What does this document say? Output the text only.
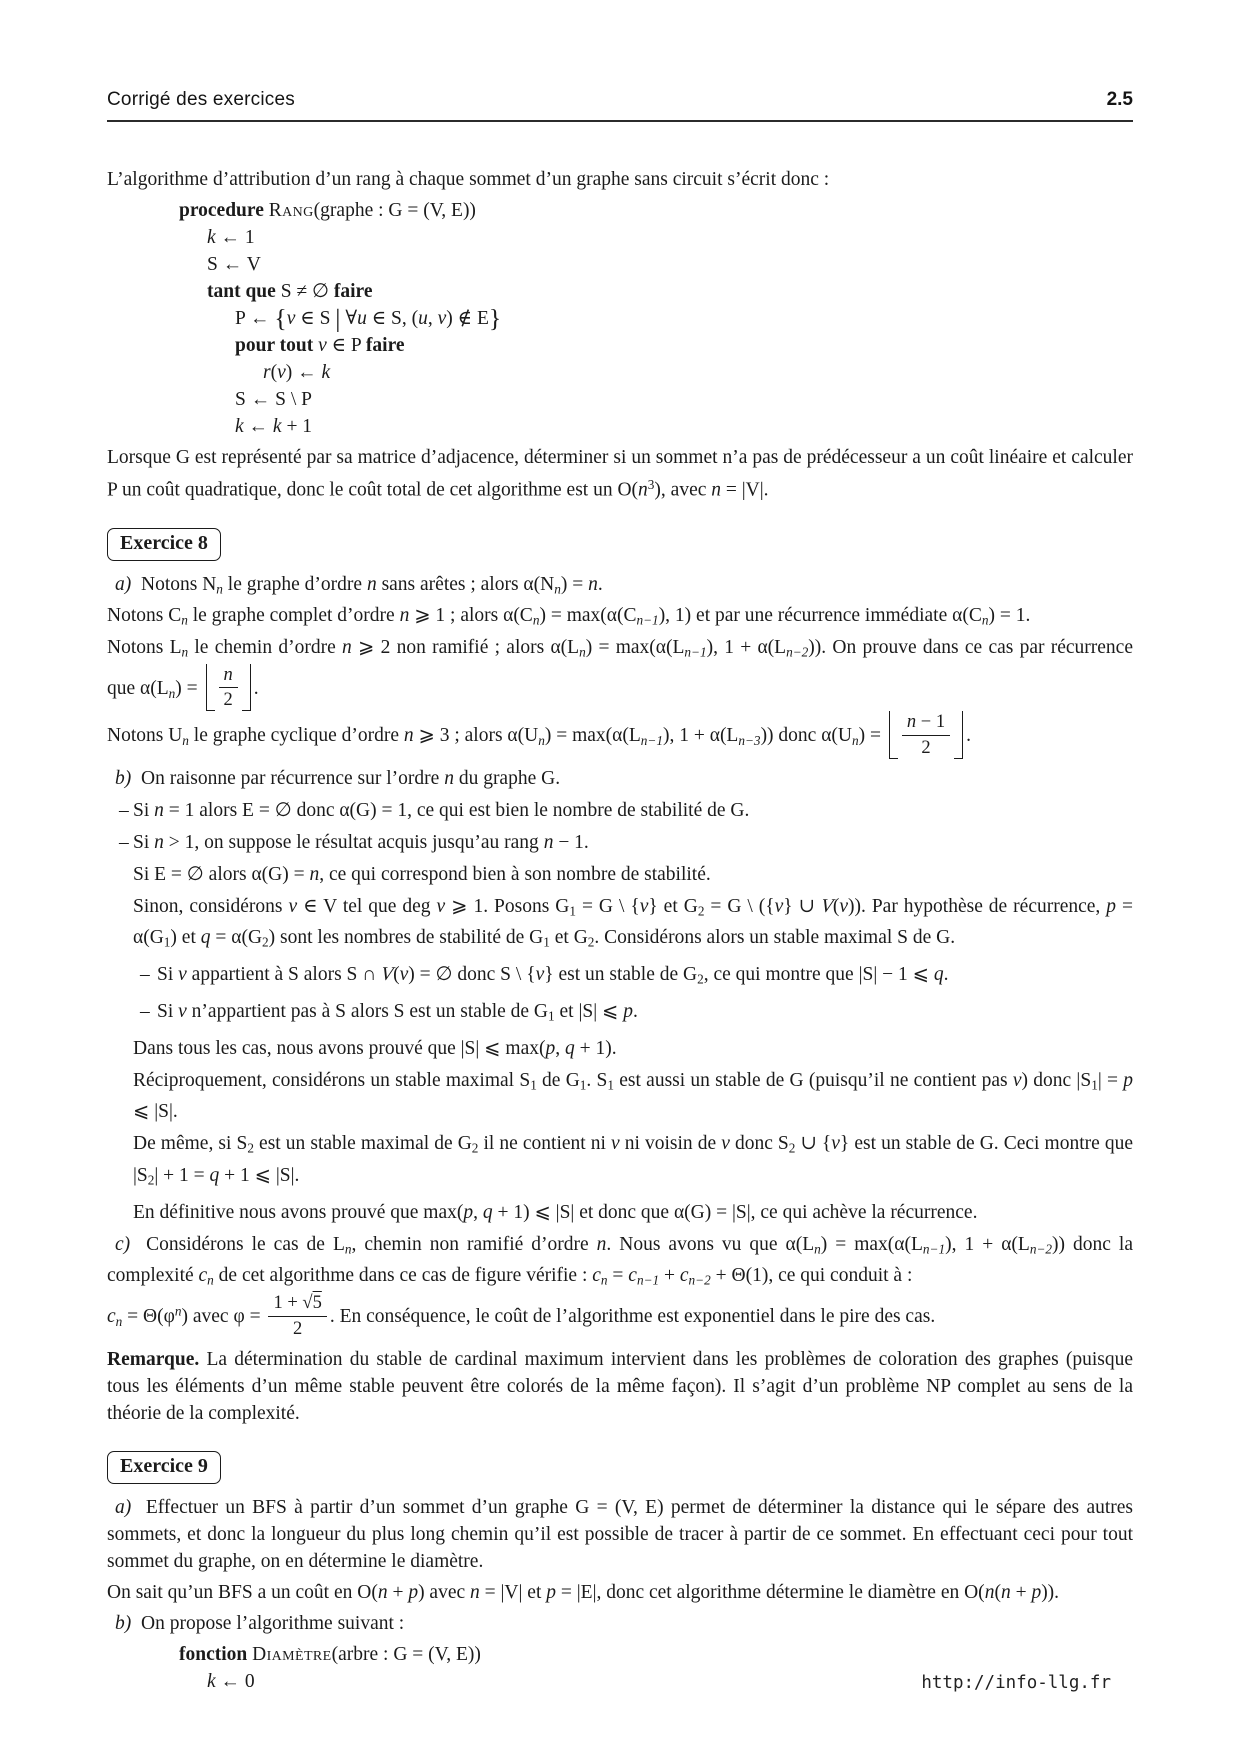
Corrigé des exercices	2.5

L’algorithme d’attribution d’un rang à chaque sommet d’un graphe sans circuit s’écrit donc :

procedure Rang(graphe : G = (V, E))
k ← 1
S ← V
tant que S ≠ ∅ faire
P ← {v ∈ S | ∀u ∈ S, (u, v) ∉ E}
pour tout v ∈ P faire
r(v) ← k
S ← S \ P
k ← k + 1

Lorsque G est représenté par sa matrice d’adjacence, déterminer si un sommet n’a pas de prédécesseur a un coût linéaire et calculer P un coût quadratique, donc le coût total de cet algorithme est un $O(n^3)$, avec n = |V|.

Exercice 8

a)  Notons Nn le graphe d’ordre n sans arêtes ; alors α(Nn) = n.

Notons Cn le graphe complet d’ordre n ⩾ 1 ; alors α(Cn) = max(α(Cn−1), 1) et par une récurrence immédiate α(Cn) = 1.

Notons Ln le chemin d’ordre n ⩾ 2 non ramifié ; alors α(Ln) = max(α(Ln−1), 1 + α(Ln−2)). On prouve dans ce cas par récurrence que α(Ln) =
n
2
.

Notons Un le graphe cyclique d’ordre n ⩾ 3 ; alors α(Un) = max(α(Ln−1), 1 + α(Ln−3)) donc α(Un) =
n − 1
2
.

b)  On raisonne par récurrence sur l’ordre n du graphe G.

– Si n = 1 alors E = ∅ donc α(G) = 1, ce qui est bien le nombre de stabilité de G.

– Si n > 1, on suppose le résultat acquis jusqu’au rang n − 1.

Si E = ∅ alors α(G) = n, ce qui correspond bien à son nombre de stabilité.

Sinon, considérons v ∈ V tel que deg v ⩾ 1. Posons G1 = G \ {v} et G2 = G \ ({v} ∪ V(v)). Par hypothèse de récurrence, p = α(G1) et q = α(G2) sont les nombres de stabilité de G1 et G2. Considérons alors un stable maximal S de G.

– Si v appartient à S alors S ∩ V(v) = ∅ donc S \ {v} est un stable de G2, ce qui montre que |S| − 1 ⩽ q.

– Si v n’appartient pas à S alors S est un stable de G1 et |S| ⩽ p.

Dans tous les cas, nous avons prouvé que |S| ⩽ max(p, q + 1).

Réciproquement, considérons un stable maximal S1 de G1. S1 est aussi un stable de G (puisqu’il ne contient pas v) donc |S1| = p ⩽ |S|.

De même, si S2 est un stable maximal de G2 il ne contient ni v ni voisin de v donc S2 ∪ {v} est un stable de G. Ceci montre que |S2| + 1 = q + 1 ⩽ |S|.

En définitive nous avons prouvé que max(p, q + 1) ⩽ |S| et donc que α(G) = |S|, ce qui achève la récurrence.

c)  Considérons le cas de Ln, chemin non ramifié d’ordre n. Nous avons vu que α(Ln) = max(α(Ln−1), 1 + α(Ln−2)) donc la complexité cn de cet algorithme dans ce cas de figure vérifie : cn = cn−1 + cn−2 + Θ(1), ce qui conduit à :

cn = $\Theta(\varphi^n)$ avec φ =
1 + √5
2
. En conséquence, le coût de l’algorithme est exponentiel dans le pire des cas.

Remarque. La détermination du stable de cardinal maximum intervient dans les problèmes de coloration des graphes (puisque tous les éléments d’un même stable peuvent être colorés de la même façon). Il s’agit d’un problème NP complet au sens de la théorie de la complexité.

Exercice 9

a)  Effectuer un BFS à partir d’un sommet d’un graphe G = (V, E) permet de déterminer la distance qui le sépare des autres sommets, et donc la longueur du plus long chemin qu’il est possible de tracer à partir de ce sommet. En effectuant ceci pour tout sommet du graphe, on en détermine le diamètre.

On sait qu’un BFS a un coût en O(n + p) avec n = |V| et p = |E|, donc cet algorithme détermine le diamètre en O(n(n + p)).

b)  On propose l’algorithme suivant :

fonction Diamètre(arbre : G = (V, E))
k ← 0	http://info-llg.fr
